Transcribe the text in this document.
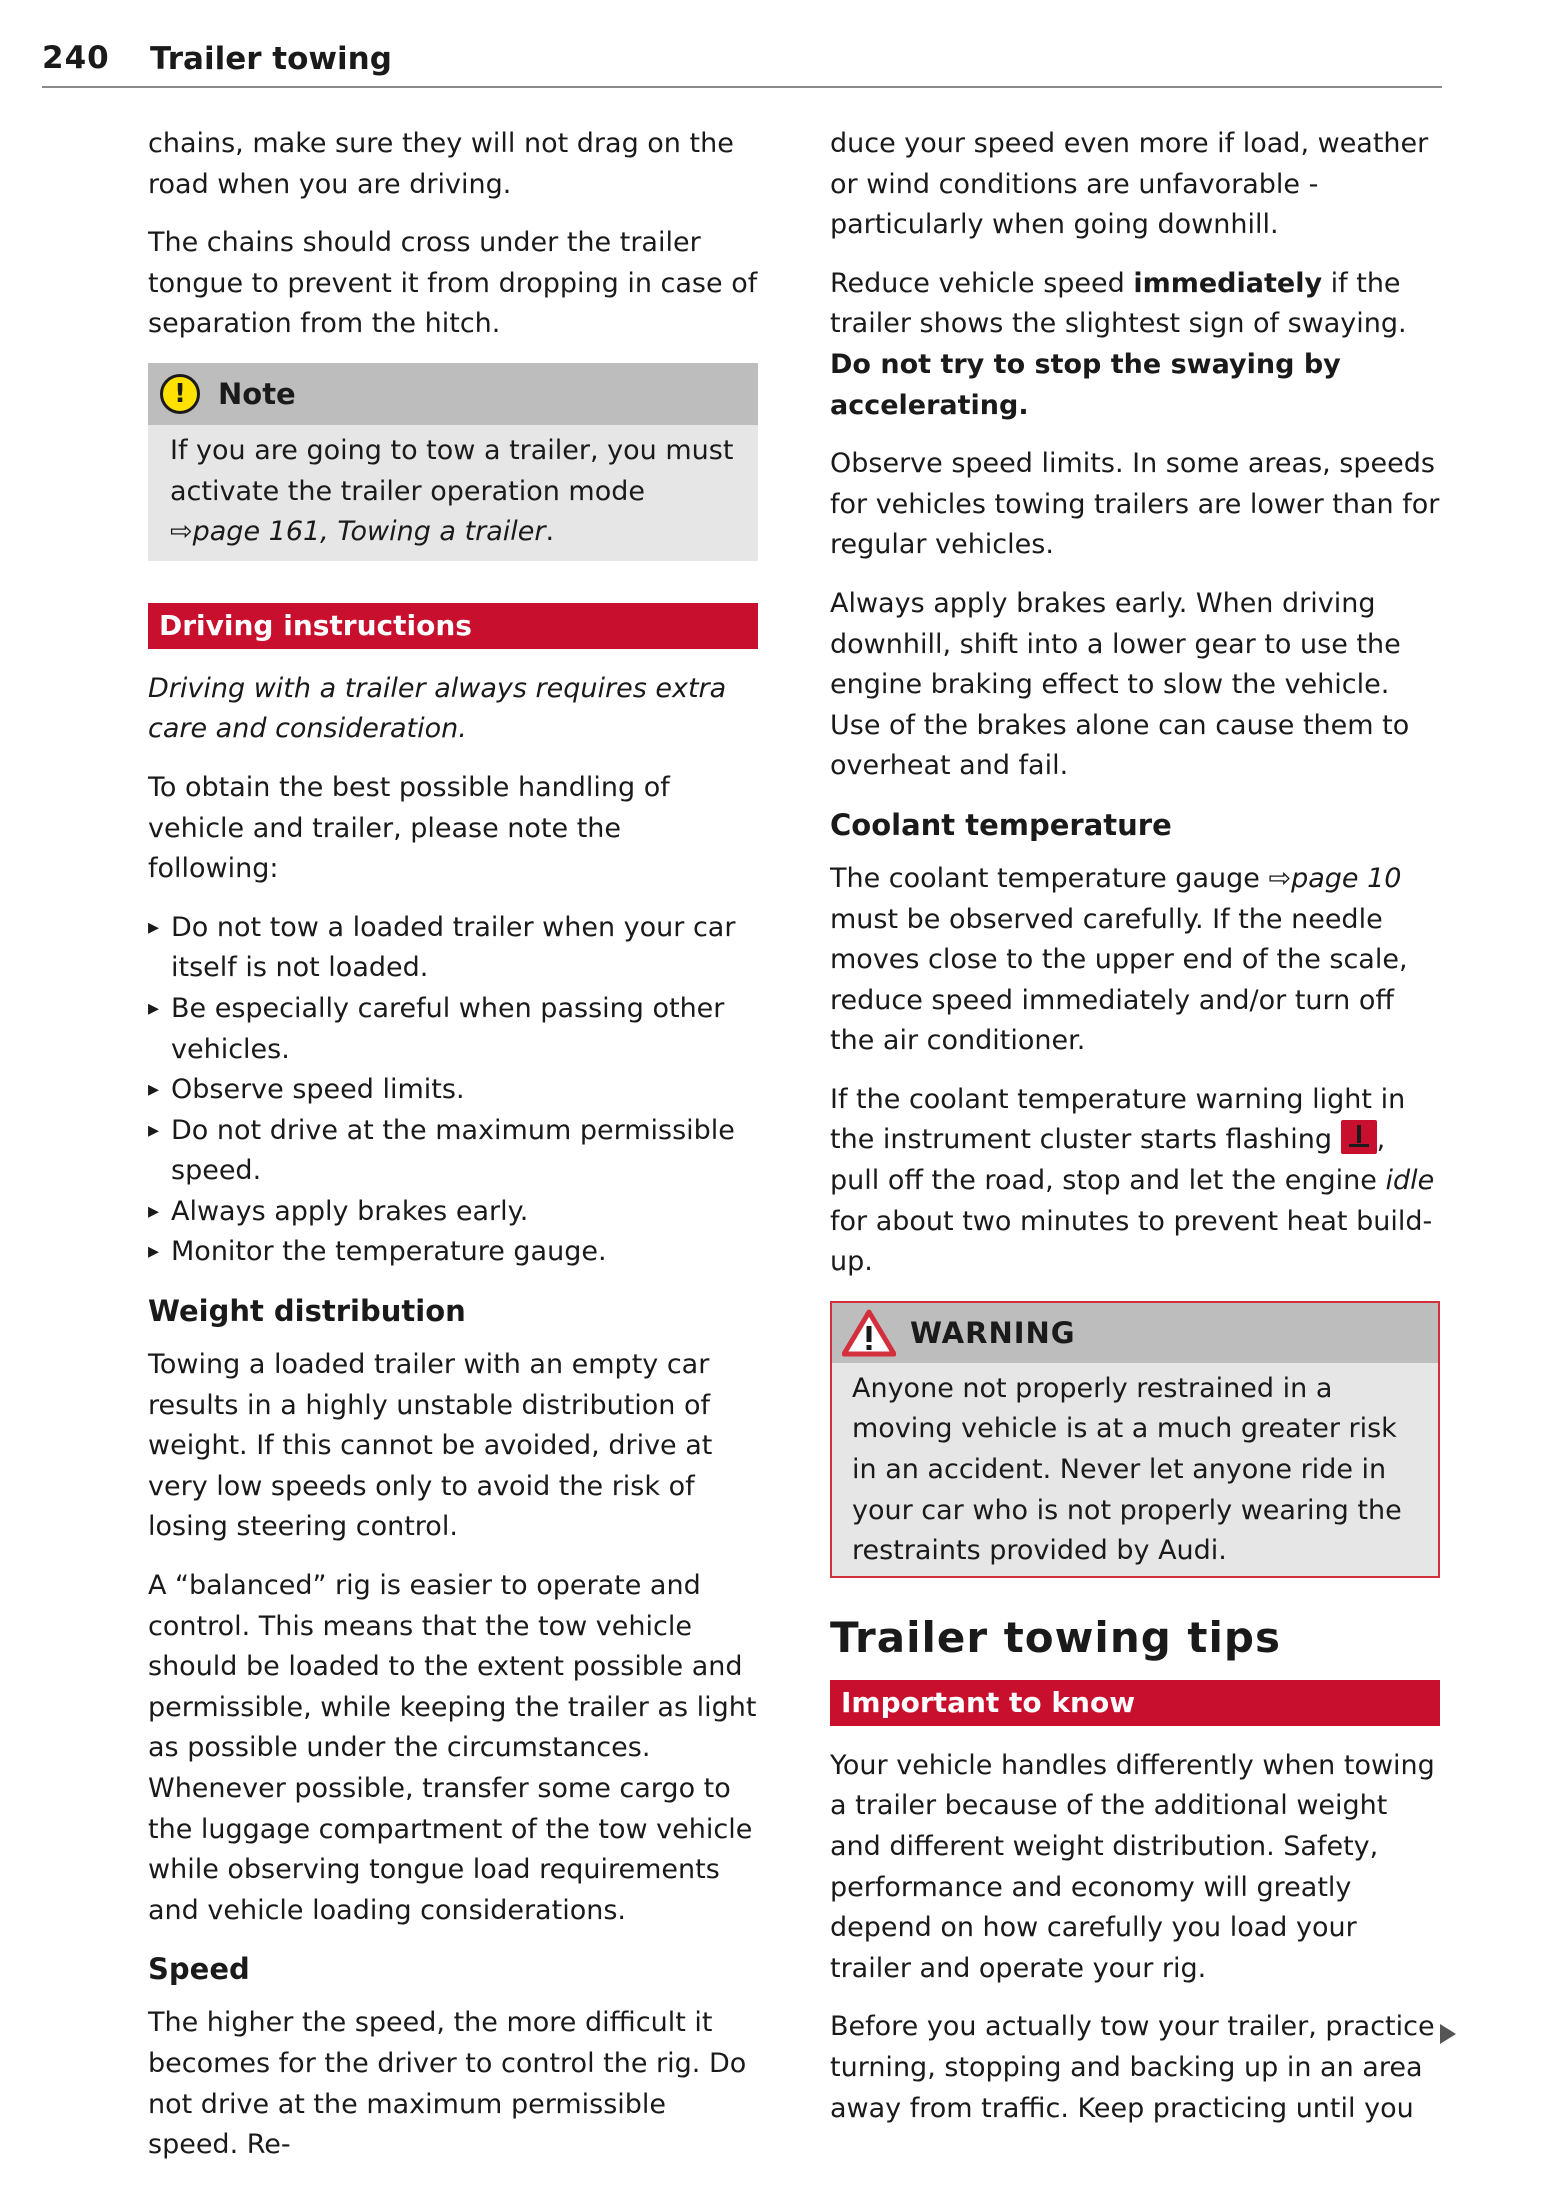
240 Trailer towing

chains, make sure they will not drag on the road when you are driving.

The chains should cross under the trailer tongue to prevent it from dropping in case of separation from the hitch.

!	Note

If you are going to tow a trailer, you must activate the trailer operation mode ⇨page 161, Towing a trailer.

Driving instructions

Driving with a trailer always requires extra care and consideration.

To obtain the best possible handling of vehicle and trailer, please note the following:

▸ Do not tow a loaded trailer when your car itself is not loaded.
▸ Be especially careful when passing other vehicles.
▸ Observe speed limits.
▸ Do not drive at the maximum permissible speed.
▸ Always apply brakes early.
▸ Monitor the temperature gauge.
Weight distribution

Towing a loaded trailer with an empty car results in a highly unstable distribution of weight. If this cannot be avoided, drive at very low speeds only to avoid the risk of losing steering control.

A “balanced” rig is easier to operate and control. This means that the tow vehicle should be loaded to the extent possible and permissible, while keeping the trailer as light as possible under the circumstances. Whenever possible, transfer some cargo to the luggage compartment of the tow vehicle while observing tongue load requirements and vehicle loading considerations.

Speed

The higher the speed, the more difficult it becomes for the driver to control the rig. Do not drive at the maximum permissible speed. Re-

duce your speed even more if load, weather or wind conditions are unfavorable - particularly when going downhill.

Reduce vehicle speed immediately if the trailer shows the slightest sign of swaying. Do not try to stop the swaying by accelerating.

Observe speed limits. In some areas, speeds for vehicles towing trailers are lower than for regular vehicles.

Always apply brakes early. When driving downhill, shift into a lower gear to use the engine braking effect to slow the vehicle. Use of the brakes alone can cause them to overheat and fail.

Coolant temperature

The coolant temperature gauge ⇨page 10 must be observed carefully. If the needle moves close to the upper end of the scale, reduce speed immediately and/or turn off the air conditioner.

If the coolant temperature warning light in the instrument cluster starts flashing , pull off the road, stop and let the engine idle for about two minutes to prevent heat build-up.

WARNING

Anyone not properly restrained in a moving vehicle is at a much greater risk in an accident. Never let anyone ride in your car who is not properly wearing the restraints provided by Audi.

Trailer towing tips
Important to know

Your vehicle handles differently when towing a trailer because of the additional weight and different weight distribution. Safety, performance and economy will greatly depend on how carefully you load your trailer and operate your rig.

Before you actually tow your trailer, practice turning, stopping and backing up in an area away from traffic. Keep practicing until you
